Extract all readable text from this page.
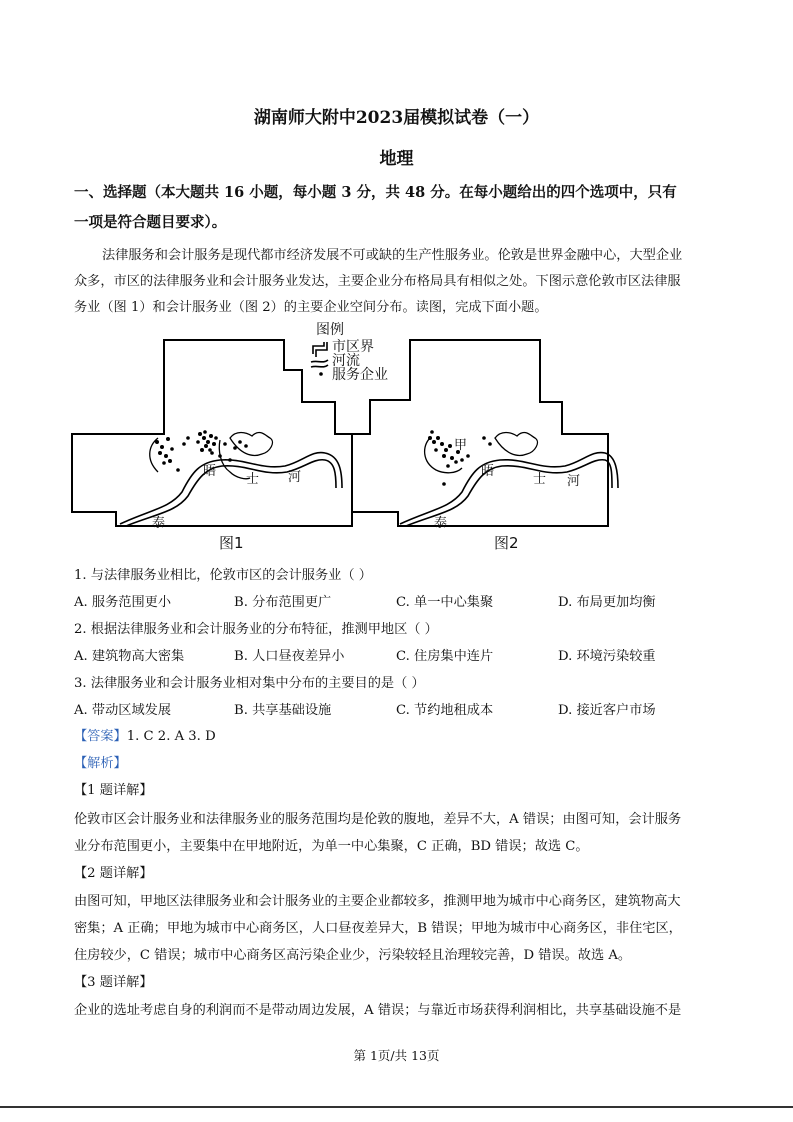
湖南师大附中2023届模拟试卷（一）
地理
一、选择题（本大题共 16 小题，每小题 3 分，共 48 分。在每小题给出的四个选项中，只有
一项是符合题目要求）。
法律服务和会计服务是现代都市经济发展不可或缺的生产性服务业。伦敦是世界金融中心，大型企业
众多，市区的法律服务业和会计服务业发达，主要企业分布格局具有相似之处。下图示意伦敦市区法律服
务业（图 1）和会计服务业（图 2）的主要企业空间分布。读图，完成下面小题。
图例
市区界
河流
服务企业
泰
晤
士 河
泰
晤
士 河
甲
图1	图2
1. 与法律服务业相比，伦敦市区的会计服务业（ ）
A. 服务范围更小	B. 分布范围更广	C. 单一中心集聚	D. 布局更加均衡
2. 根据法律服务业和会计服务业的分布特征，推测甲地区（ ）
A. 建筑物高大密集	B. 人口昼夜差异小	C. 住房集中连片	D. 环境污染较重
3. 法律服务业和会计服务业相对集中分布的主要目的是（ ）
A. 带动区域发展	B. 共享基础设施	C. 节约地租成本	D. 接近客户市场
【答案】1. C 2. A 3. D
【解析】
【1 题详解】
伦敦市区会计服务业和法律服务业的服务范围均是伦敦的腹地，差异不大，A 错误；由图可知，会计服务
业分布范围更小，主要集中在甲地附近，为单一中心集聚，C 正确，BD 错误；故选 C。
【2 题详解】
由图可知，甲地区法律服务业和会计服务业的主要企业都较多，推测甲地为城市中心商务区，建筑物高大
密集；A 正确；甲地为城市中心商务区，人口昼夜差异大，B 错误；甲地为城市中心商务区，非住宅区，
住房较少，C 错误；城市中心商务区高污染企业少，污染较轻且治理较完善，D 错误。故选 A。
【3 题详解】
企业的选址考虑自身的利润而不是带动周边发展，A 错误；与靠近市场获得利润相比，共享基础设施不是
第 1页/共 13页
